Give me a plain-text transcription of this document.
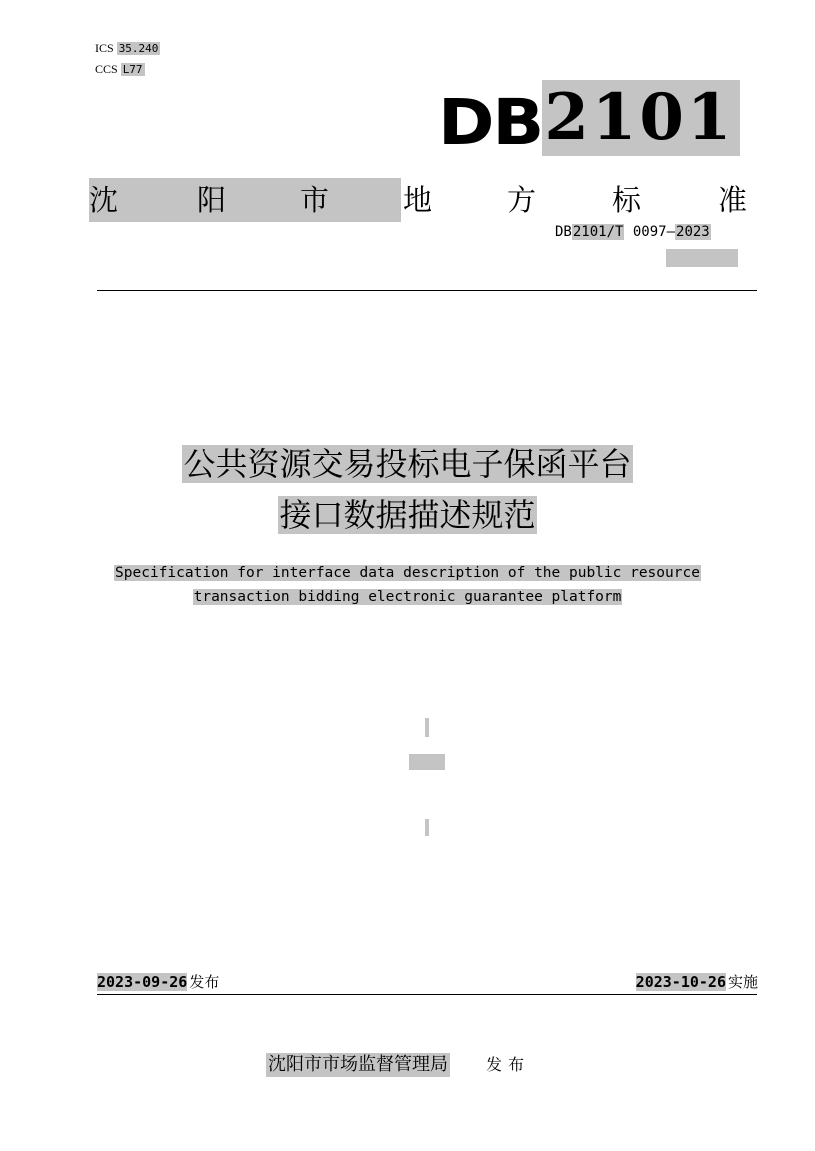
ICS 35.240
CCS L77
DB 2101
沈	阳	市	地	方	标	准
DB2101/T 0097—2023
公共资源交易投标电子保函平台
接口数据描述规范
Specification for interface data description of the public resource
transaction bidding electronic guarantee platform
2023-09-26 发布	2023-10-26 实施
沈阳市市场监督管理局 发布
